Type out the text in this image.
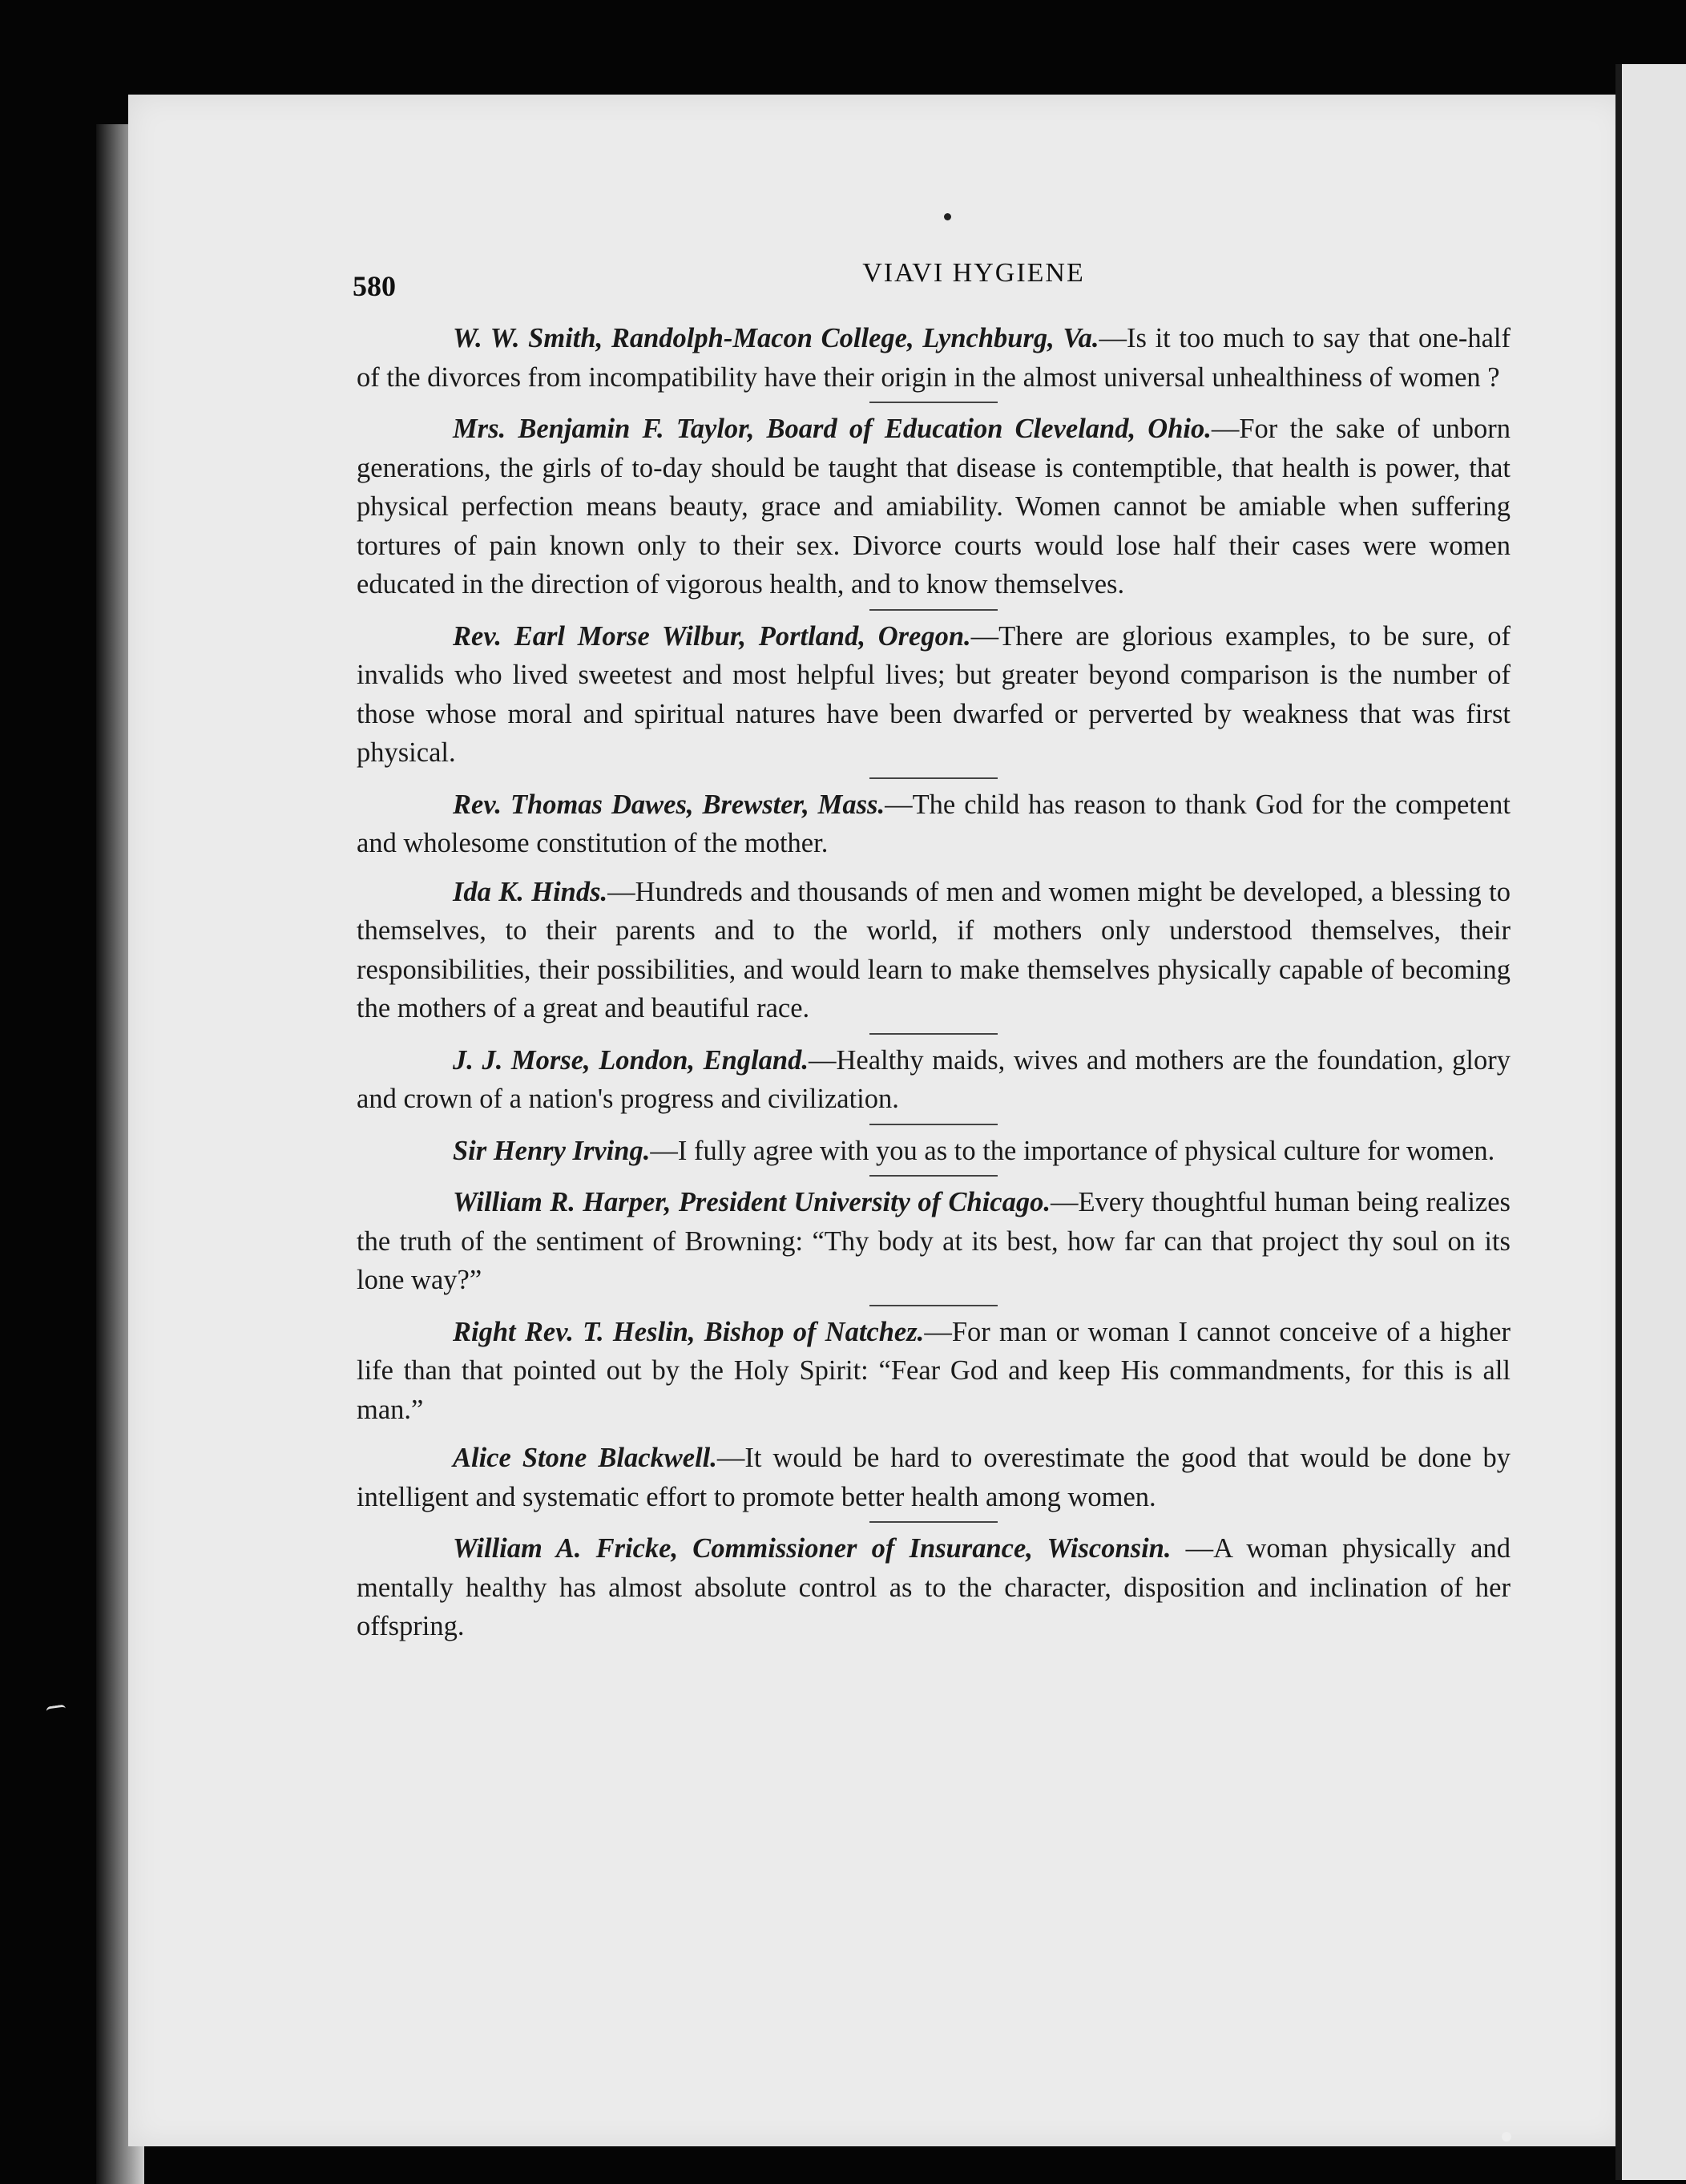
580	VIAVI HYGIENE

W. W. Smith, Randolph-Macon College, Lynchburg, Va.—Is it too much to say that one-half of the divorces from incompatibility have their origin in the almost universal unhealthiness of women ?

Mrs. Benjamin F. Taylor, Board of Education Cleveland, Ohio.—For the sake of unborn generations, the girls of to-day should be taught that disease is contemptible, that health is power, that physical perfection means beauty, grace and amiability. Women cannot be amiable when suffering tortures of pain known only to their sex. Divorce courts would lose half their cases were women educated in the direction of vigorous health, and to know themselves.

Rev. Earl Morse Wilbur, Portland, Oregon.—There are glorious examples, to be sure, of invalids who lived sweetest and most helpful lives; but greater beyond comparison is the number of those whose moral and spiritual natures have been dwarfed or perverted by weakness that was first physical.

Rev. Thomas Dawes, Brewster, Mass.—The child has reason to thank God for the competent and wholesome constitution of the mother.

Ida K. Hinds.—Hundreds and thousands of men and women might be developed, a blessing to themselves, to their parents and to the world, if mothers only understood themselves, their responsibilities, their possibilities, and would learn to make themselves physically capable of becoming the mothers of a great and beautiful race.

J. J. Morse, London, England.—Healthy maids, wives and mothers are the foundation, glory and crown of a nation's progress and civilization.

Sir Henry Irving.—I fully agree with you as to the importance of physical culture for women.

William R. Harper, President University of Chicago.—Every thoughtful human being realizes the truth of the sentiment of Browning: “Thy body at its best, how far can that project thy soul on its lone way?”

Right Rev. T. Heslin, Bishop of Natchez.—For man or woman I cannot conceive of a higher life than that pointed out by the Holy Spirit: “Fear God and keep His commandments, for this is all man.”

Alice Stone Blackwell.—It would be hard to overestimate the good that would be done by intelligent and systematic effort to promote better health among women.

William A. Fricke, Commissioner of Insurance, Wisconsin. —A woman physically and mentally healthy has almost absolute control as to the character, disposition and inclination of her offspring.
